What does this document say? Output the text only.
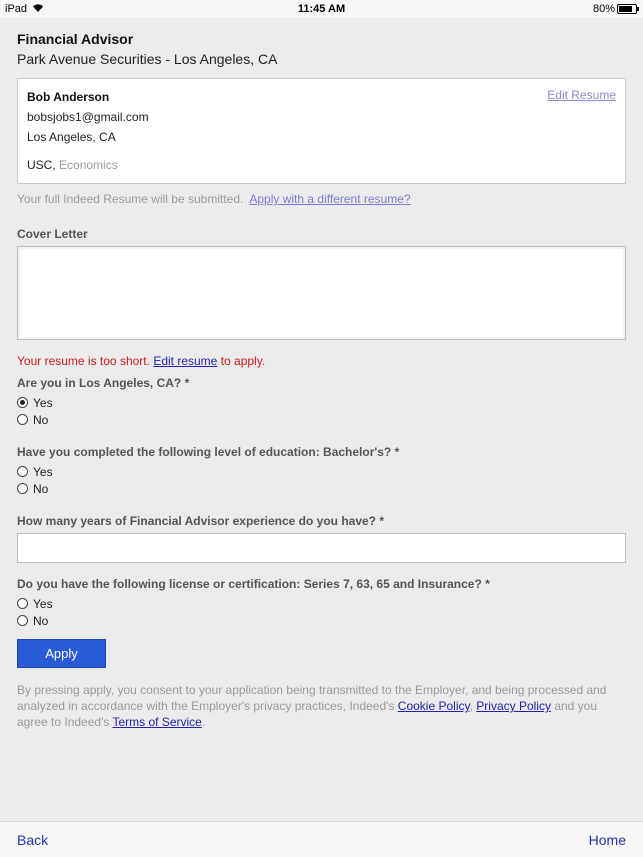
iPad	11:45 AM	80%
Financial Advisor
Park Avenue Securities - Los Angeles, CA
Bob Anderson
bobsjobs1@gmail.com
Los Angeles, CA
USC, Economics
Edit Resume
Your full Indeed Resume will be submitted. Apply with a different resume?
Cover Letter
Your resume is too short. Edit resume to apply.
Are you in Los Angeles, CA? *
Yes
No
Have you completed the following level of education: Bachelor's? *
Yes
No
How many years of Financial Advisor experience do you have? *
Do you have the following license or certification: Series 7, 63, 65 and Insurance? *
Yes
No
Apply
By pressing apply, you consent to your application being transmitted to the Employer, and being processed and analyzed in accordance with the Employer's privacy practices, Indeed's Cookie Policy, Privacy Policy and you agree to Indeed's Terms of Service.
Back	Home
